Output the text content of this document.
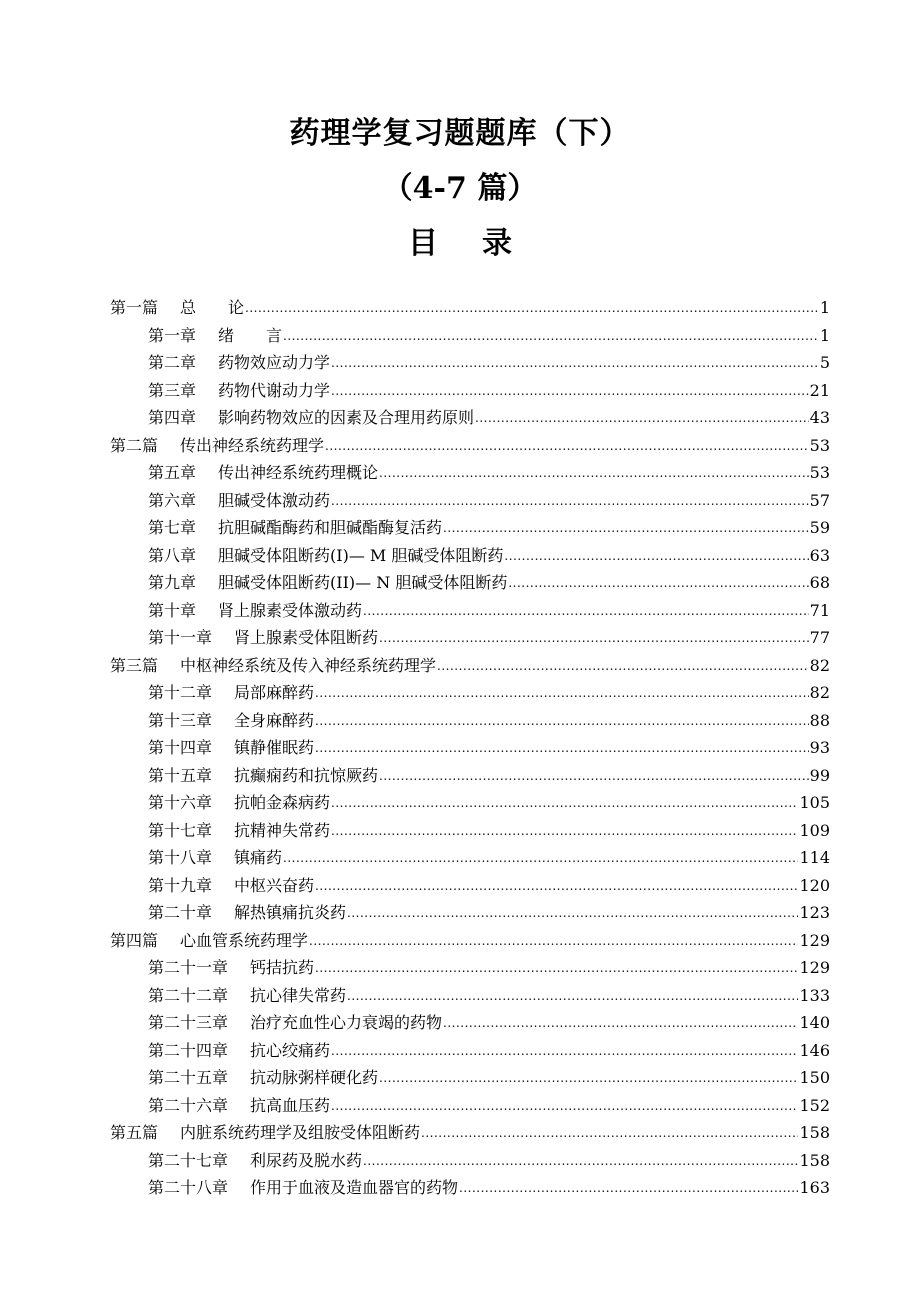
药理学复习题题库（下）
（4-7 篇）
目录
第一篇 总　　论 .....	1
第一章 绪　　言 .....	1
第二章 药物效应动力学 .....	5
第三章 药物代谢动力学 .....	21
第四章 影响药物效应的因素及合理用药原则 .....	43
第二篇 传出神经系统药理学 .....	53
第五章 传出神经系统药理概论 .....	53
第六章 胆碱受体激动药 .....	57
第七章 抗胆碱酯酶药和胆碱酯酶复活药 .....	59
第八章 胆碱受体阻断药(I)— M 胆碱受体阻断药 .....	63
第九章 胆碱受体阻断药(II)— N 胆碱受体阻断药 .....	68
第十章 肾上腺素受体激动药 .....	71
第十一章 肾上腺素受体阻断药 .....	77
第三篇 中枢神经系统及传入神经系统药理学 .....	82
第十二章 局部麻醉药 .....	82
第十三章 全身麻醉药 .....	88
第十四章 镇静催眠药 .....	93
第十五章 抗癫痫药和抗惊厥药 .....	99
第十六章 抗帕金森病药 .....	105
第十七章 抗精神失常药 .....	109
第十八章 镇痛药 .....	114
第十九章 中枢兴奋药 .....	120
第二十章 解热镇痛抗炎药 .....	123
第四篇 心血管系统药理学 .....	129
第二十一章 钙拮抗药 .....	129
第二十二章 抗心律失常药 .....	133
第二十三章 治疗充血性心力衰竭的药物 .....	140
第二十四章 抗心绞痛药 .....	146
第二十五章 抗动脉粥样硬化药 .....	150
第二十六章 抗高血压药 .....	152
第五篇 内脏系统药理学及组胺受体阻断药 .....	158
第二十七章 利尿药及脱水药 .....	158
第二十八章 作用于血液及造血器官的药物 .....	163
